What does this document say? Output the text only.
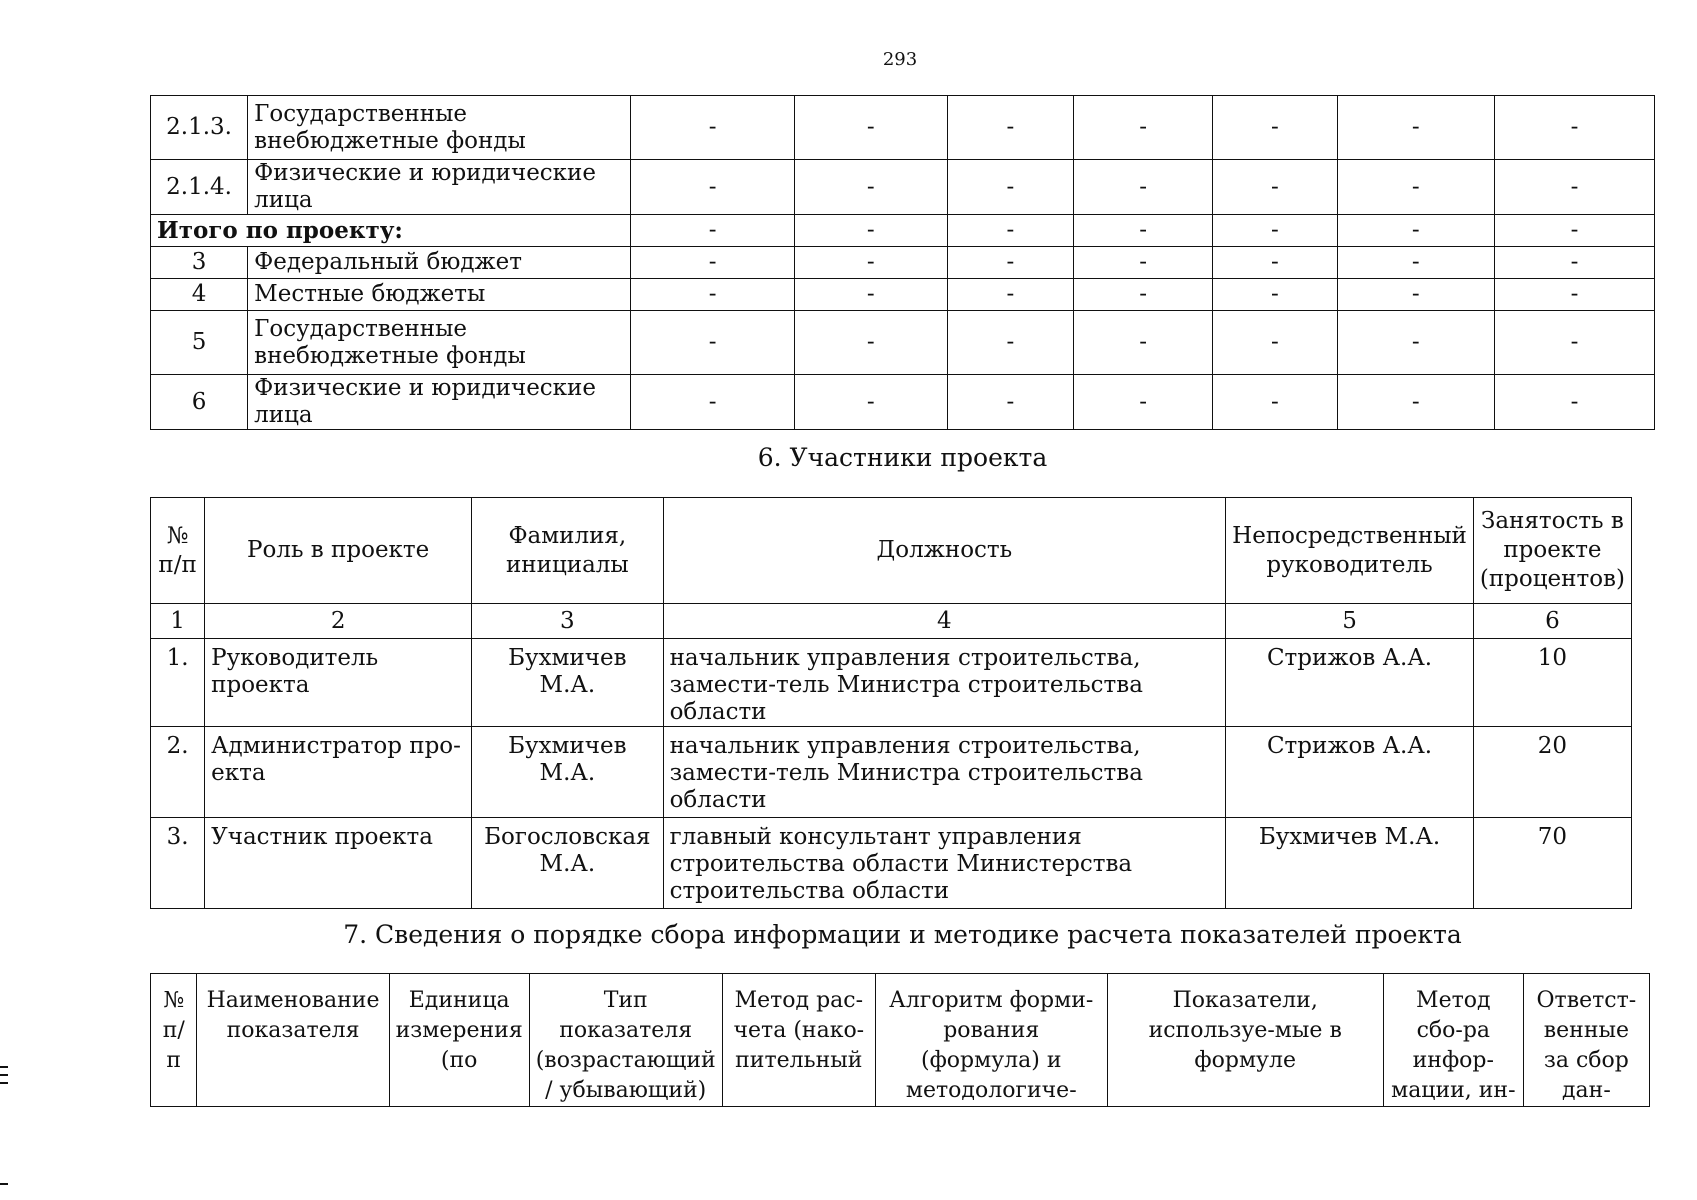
293
2.1.3.	Государственные внебюджетные фонды	-	-	-	-	-	-	-
2.1.4.	Физические и юридические лица	-	-	-	-	-	-	-
Итого по проекту:		-	-	-	-	-	-	-
3	Федеральный бюджет	-	-	-	-	-	-	-
4	Местные бюджеты	-	-	-	-	-	-	-
5	Государственные внебюджетные фонды	-	-	-	-	-	-	-
6	Физические и юридические лица	-	-	-	-	-	-	-
6. Участники проекта
№ п/п	Роль в проекте	Фамилия, инициалы	Должность	Непосредственный руководитель	Занятость в проекте (процентов)
1	2	3	4	5	6
1.	Руководитель проекта	Бухмичев М.А.	начальник управления строительства, замести-тель Министра строительства области	Стрижов А.А.	10
2.	Администратор про-екта	Бухмичев М.А.	начальник управления строительства, замести-тель Министра строительства области	Стрижов А.А.	20
3.	Участник проекта	Богословская М.А.	главный консультант управления строительства области Министерства строительства области	Бухмичев М.А.	70
7. Сведения о порядке сбора информации и методике расчета показателей проекта
№ п/п	Наименование показателя	Единица измерения (по	Тип показателя (возрастающий / убывающий)	Метод рас-чета (нако-пительный	Алгоритм форми-рования (формула) и методологиче-	Показатели, используе-мые в формуле	Метод сбо-ра инфор-мации, ин-	Ответст-венные за сбор дан-
